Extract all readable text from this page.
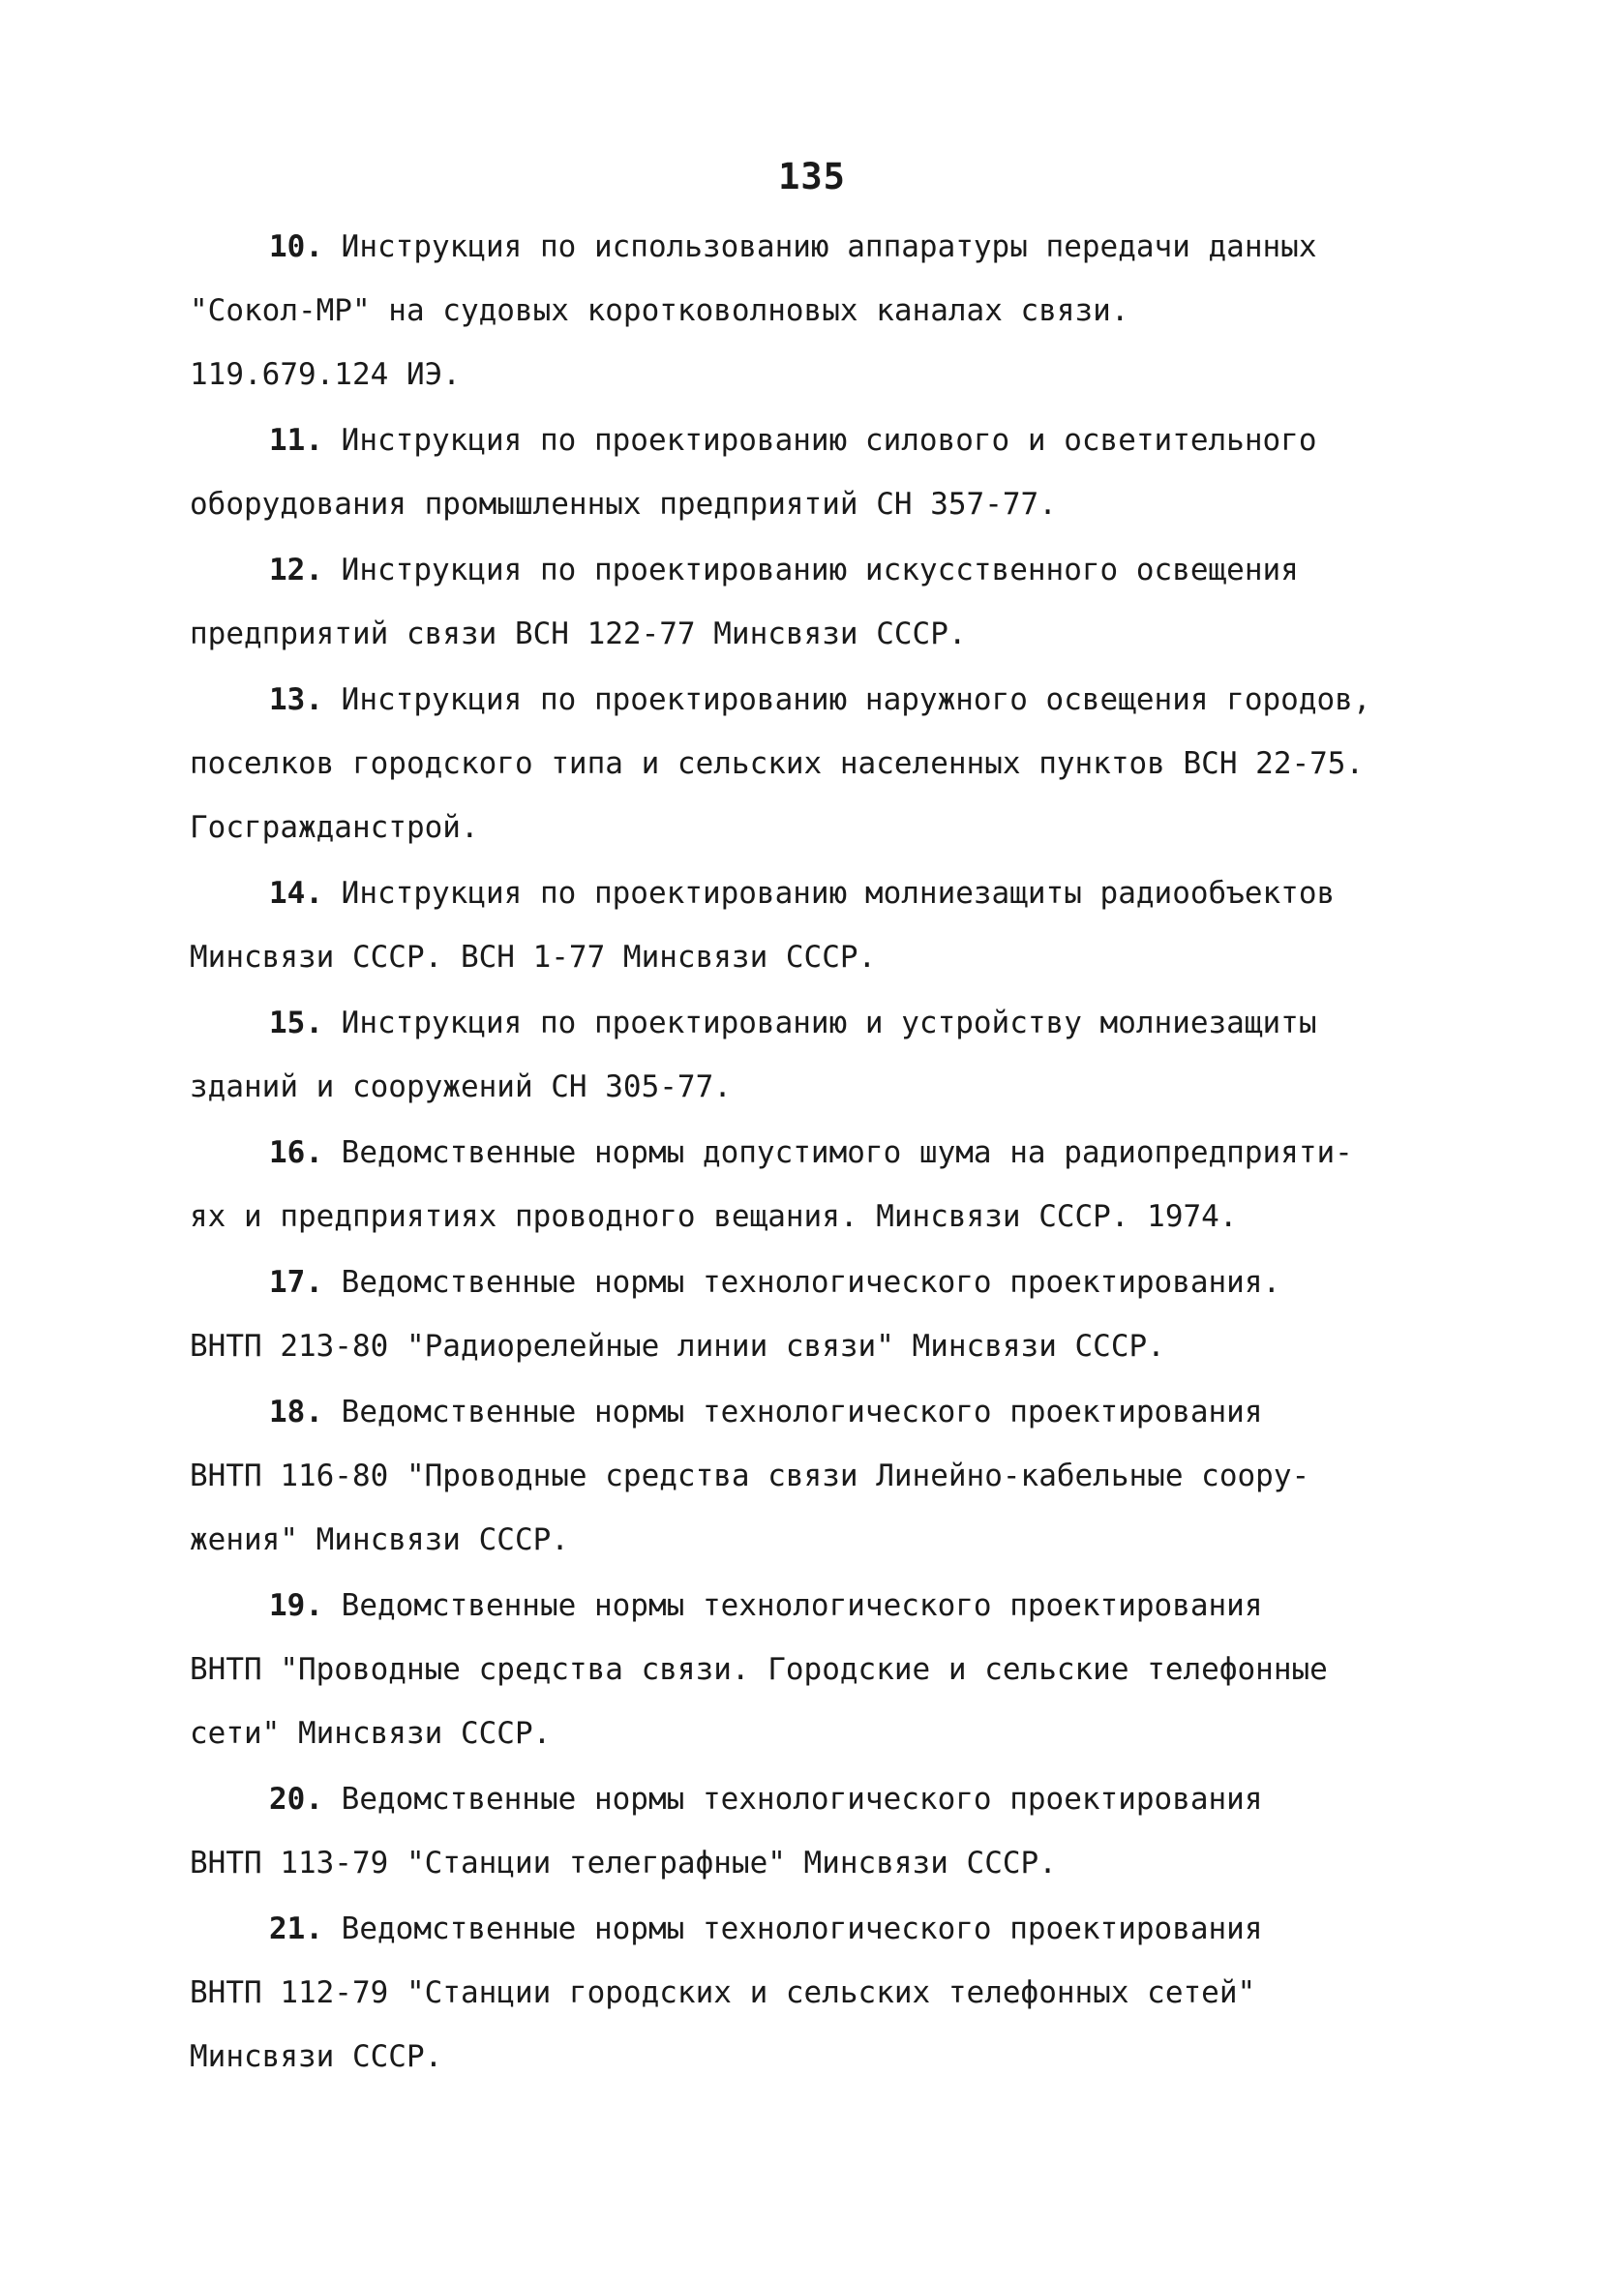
135
10. Инструкция по использованию аппаратуры передачи данных
"Сокол-МР" на судовых коротковолновых каналах связи.
119.679.124 ИЭ.
11. Инструкция по проектированию силового и осветительного
оборудования промышленных предприятий СН 357-77.
12. Инструкция по проектированию искусственного освещения
предприятий связи ВСН 122-77 Минсвязи СССР.
13. Инструкция по проектированию наружного освещения городов,
поселков городского типа и сельских населенных пунктов ВСН 22-75.
Госгражданстрой.
14. Инструкция по проектированию молниезащиты радиообъектов
Минсвязи СССР. ВСН 1-77 Минсвязи СССР.
15. Инструкция по проектированию и устройству молниезащиты
зданий и сооружений СН 305-77.
16. Ведомственные нормы допустимого шума на радиопредприяти-
ях и предприятиях проводного вещания. Минсвязи СССР. 1974.
17. Ведомственные нормы технологического проектирования.
ВНТП 213-80 "Радиорелейные линии связи" Минсвязи СССР.
18. Ведомственные нормы технологического проектирования
ВНТП 116-80 "Проводные средства связи Линейно-кабельные соору-
жения" Минсвязи СССР.
19. Ведомственные нормы технологического проектирования
ВНТП "Проводные средства связи. Городские и сельские телефонные
сети" Минсвязи СССР.
20. Ведомственные нормы технологического проектирования
ВНТП 113-79 "Станции телеграфные" Минсвязи СССР.
21. Ведомственные нормы технологического проектирования
ВНТП 112-79 "Станции городских и сельских телефонных сетей"
Минсвязи СССР.
